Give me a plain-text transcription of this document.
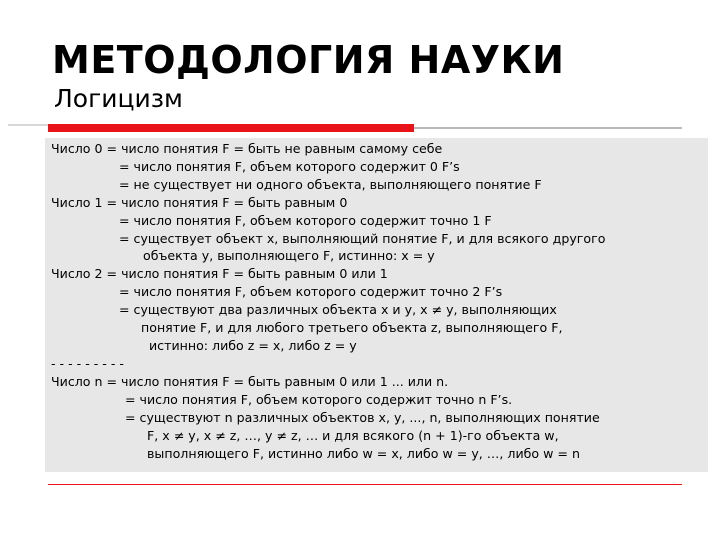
МЕТОДОЛОГИЯ НАУКИ
Логицизм
Число 0 = число понятия F = быть не равным самому себе
= число понятия F, объем которого содержит 0 F’s
= не существует ни одного объекта, выполняющего понятие F
Число 1 = число понятия F = быть равным 0
= число понятия F, объем которого содержит точно 1 F
= существует объект x, выполняющий понятие F, и для всякого другого
объекта y, выполняющего F, истинно: x = y
Число 2 = число понятия F = быть равным 0 или 1
= число понятия F, объем которого содержит точно 2 F’s
= существуют два различных объекта x и y, x ≠ y, выполняющих
понятие F, и для любого третьего объекта z, выполняющего F,
истинно: либо z = x, либо z = y
- - - - - - - - -
Число n = число понятия F = быть равным 0 или 1 ... или n.
= число понятия F, объем которого содержит точно n F’s.
= существуют n различных объектов x, y, ..., n, выполняющих понятие
F, x ≠ y, x ≠ z, …, y ≠ z, … и для всякого (n + 1)-го объекта w,
выполняющего F, истинно либо w = x, либо w = y, …, либо w = n
